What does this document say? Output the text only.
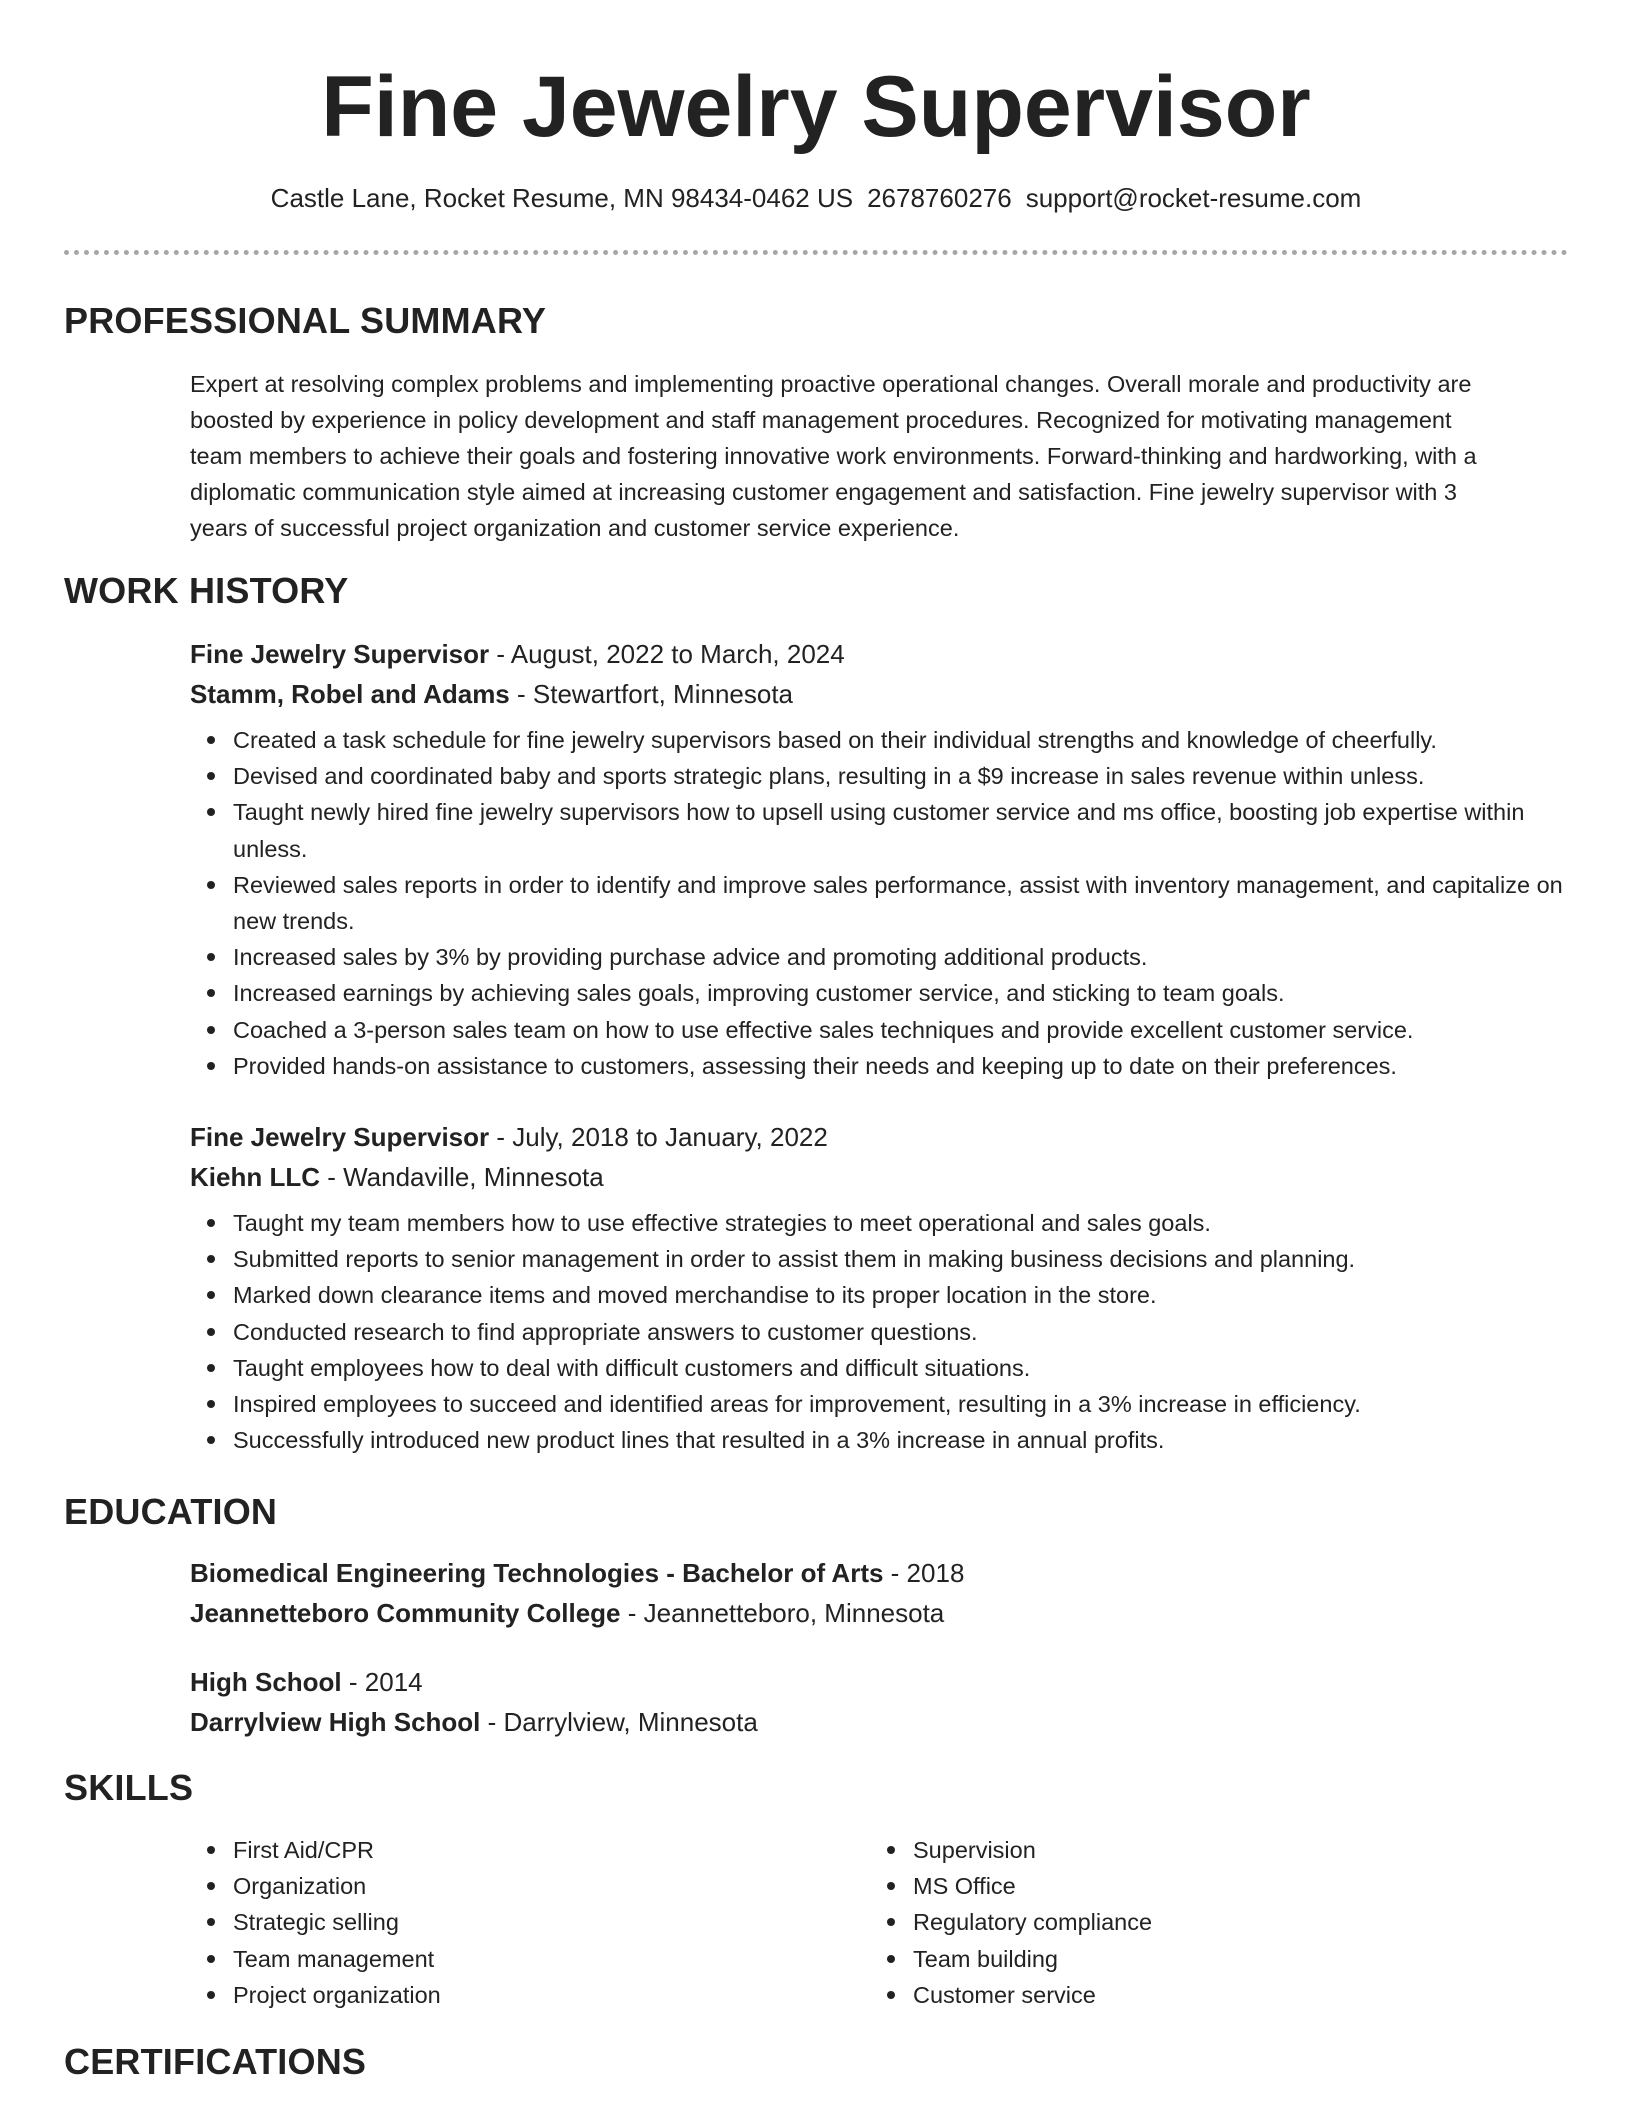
Fine Jewelry Supervisor
Castle Lane, Rocket Resume, MN 98434-0462 US 2678760276 support@rocket-resume.com
PROFESSIONAL SUMMARY

Expert at resolving complex problems and implementing proactive operational changes. Overall morale and productivity are
boosted by experience in policy development and staff management procedures. Recognized for motivating management
team members to achieve their goals and fostering innovative work environments. Forward-thinking and hardworking, with a
diplomatic communication style aimed at increasing customer engagement and satisfaction. Fine jewelry supervisor with 3
years of successful project organization and customer service experience.

WORK HISTORY

Fine Jewelry Supervisor - August, 2022 to March, 2024

Stamm, Robel and Adams - Stewartfort, Minnesota

Created a task schedule for fine jewelry supervisors based on their individual strengths and knowledge of cheerfully.
Devised and coordinated baby and sports strategic plans, resulting in a $9 increase in sales revenue within unless.
Taught newly hired fine jewelry supervisors how to upsell using customer service and ms office, boosting job expertise within unless.
Reviewed sales reports in order to identify and improve sales performance, assist with inventory management, and capitalize on new trends.
Increased sales by 3% by providing purchase advice and promoting additional products.
Increased earnings by achieving sales goals, improving customer service, and sticking to team goals.
Coached a 3-person sales team on how to use effective sales techniques and provide excellent customer service.
Provided hands-on assistance to customers, assessing their needs and keeping up to date on their preferences.

Fine Jewelry Supervisor - July, 2018 to January, 2022

Kiehn LLC - Wandaville, Minnesota

Taught my team members how to use effective strategies to meet operational and sales goals.
Submitted reports to senior management in order to assist them in making business decisions and planning.
Marked down clearance items and moved merchandise to its proper location in the store.
Conducted research to find appropriate answers to customer questions.
Taught employees how to deal with difficult customers and difficult situations.
Inspired employees to succeed and identified areas for improvement, resulting in a 3% increase in efficiency.
Successfully introduced new product lines that resulted in a 3% increase in annual profits.
EDUCATION

Biomedical Engineering Technologies - Bachelor of Arts - 2018

Jeannetteboro Community College - Jeannetteboro, Minnesota

High School - 2014

Darrylview High School - Darrylview, Minnesota

SKILLS
First Aid/CPR
Organization
Strategic selling
Team management
Project organization
Supervision
MS Office
Regulatory compliance
Team building
Customer service
CERTIFICATIONS
